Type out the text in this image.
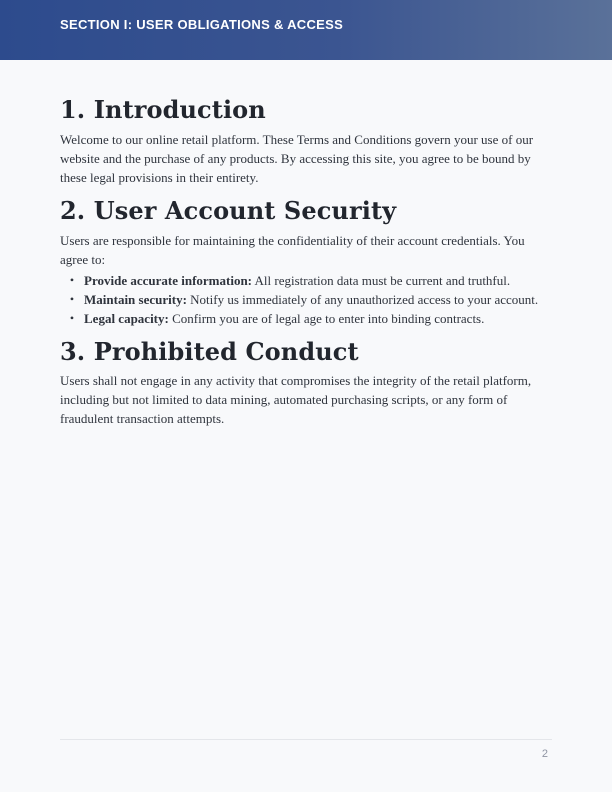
SECTION I: USER OBLIGATIONS & ACCESS
1. Introduction

Welcome to our online retail platform. These Terms and Conditions govern your use of our website and the purchase of any products. By accessing this site, you agree to be bound by these legal provisions in their entirety.

2. User Account Security

Users are responsible for maintaining the confidentiality of their account credentials. You agree to:

• Provide accurate information: All registration data must be current and truthful.
• Maintain security: Notify us immediately of any unauthorized access to your account.
• Legal capacity: Confirm you are of legal age to enter into binding contracts.
3. Prohibited Conduct

Users shall not engage in any activity that compromises the integrity of the retail platform, including but not limited to data mining, automated purchasing scripts, or any form of fraudulent transaction attempts.

2
